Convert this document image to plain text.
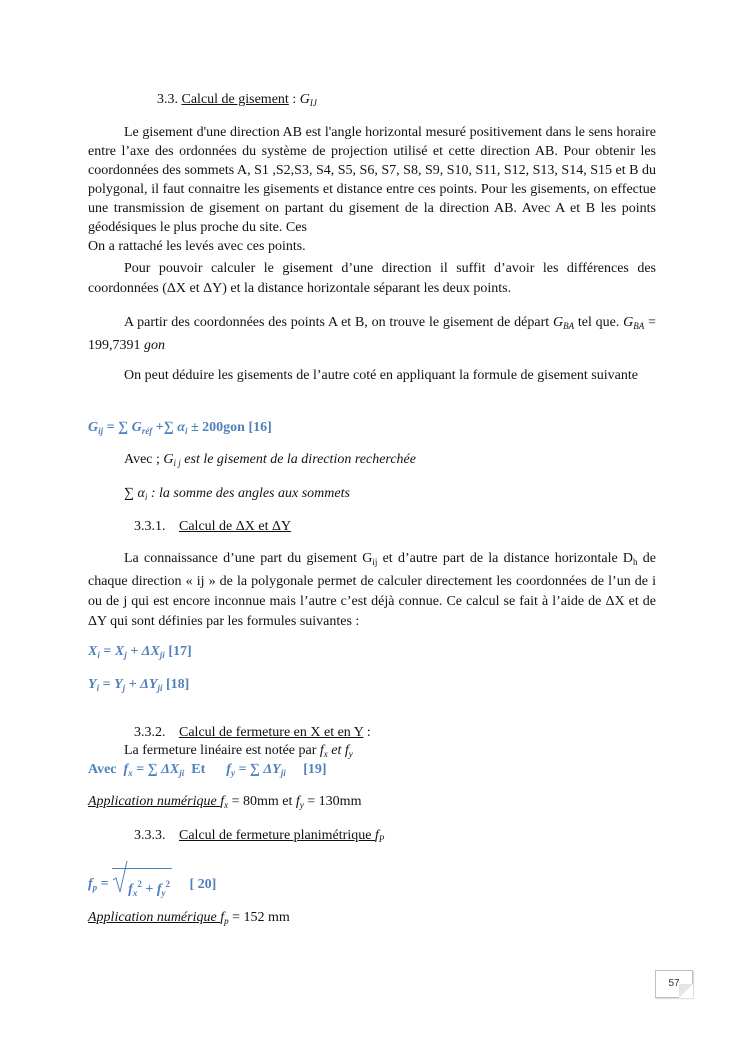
3.3. Calcul de gisement : $G_{IJ}$
Le gisement d'une direction AB est l'angle horizontal mesuré positivement dans le sens horaire entre l’axe des ordonnées du système de projection utilisé et cette direction AB. Pour obtenir les coordonnées des sommets A, S1 ,S2,S3, S4, S5, S6, S7, S8, S9, S10, S11, S12, S13, S14, S15 et B du polygonal, il faut connaitre les gisements et distance entre ces points. Pour les gisements, on effectue une transmission de gisement on partant du gisement de la direction AB. Avec A et B les points géodésiques le plus proche du site. Ces
On a rattaché les levés avec ces points.
Pour pouvoir calculer le gisement d’une direction il suffit d’avoir les différences des coordonnées (ΔX et ΔY) et la distance horizontale séparant les deux points.
A partir des coordonnées des points A et B, on trouve le gisement de départ $G_{BA}$ tel que. $G_{BA} = 199,7391$ gon
On peut déduire les gisements de l’autre coté en appliquant la formule de gisement suivante
$G_{ij}$ = ∑ $G_{réf}$ +∑ $\alpha_i \pm 200gon$ [16]
Avec ; $G_{i j}$ est le gisement de la direction recherchée
∑ $\alpha_i$ : la somme des angles aux sommets
3.3.1. Calcul de ΔX et ΔY
La connaissance d’une part du gisement $G_{ij}$ et d’autre part de la distance horizontale $D_h$ de chaque direction « ij » de la polygonale permet de calculer directement les coordonnées de l’un de i ou de j qui est encore inconnue mais l’autre c’est déjà connue. Ce calcul se fait à l’aide de ΔX et de ΔY qui sont définies par les formules suivantes :
$X_i = X_j + \Delta X_{ji}$ [17]
$Y_i = Y_j + \Delta Y_{ji}$ [18]
3.3.2. Calcul de fermeture en X et en Y :
La fermeture linéaire est notée par $f_x$ et $f_y$
Avec  $f_x$ = ∑ $\Delta X_{ji}$  Et      $f_y$ = ∑ $\Delta Y_{ji}$     [19]
Application numérique $f_x = 80mm$ et $f_y = 130mm$
3.3.3. Calcul de fermeture planimétrique $f_P$
$f_p$ =
$f_x^2 + f_y^2$ [ 20]
Application numérique $f_p = 152$ mm
57
